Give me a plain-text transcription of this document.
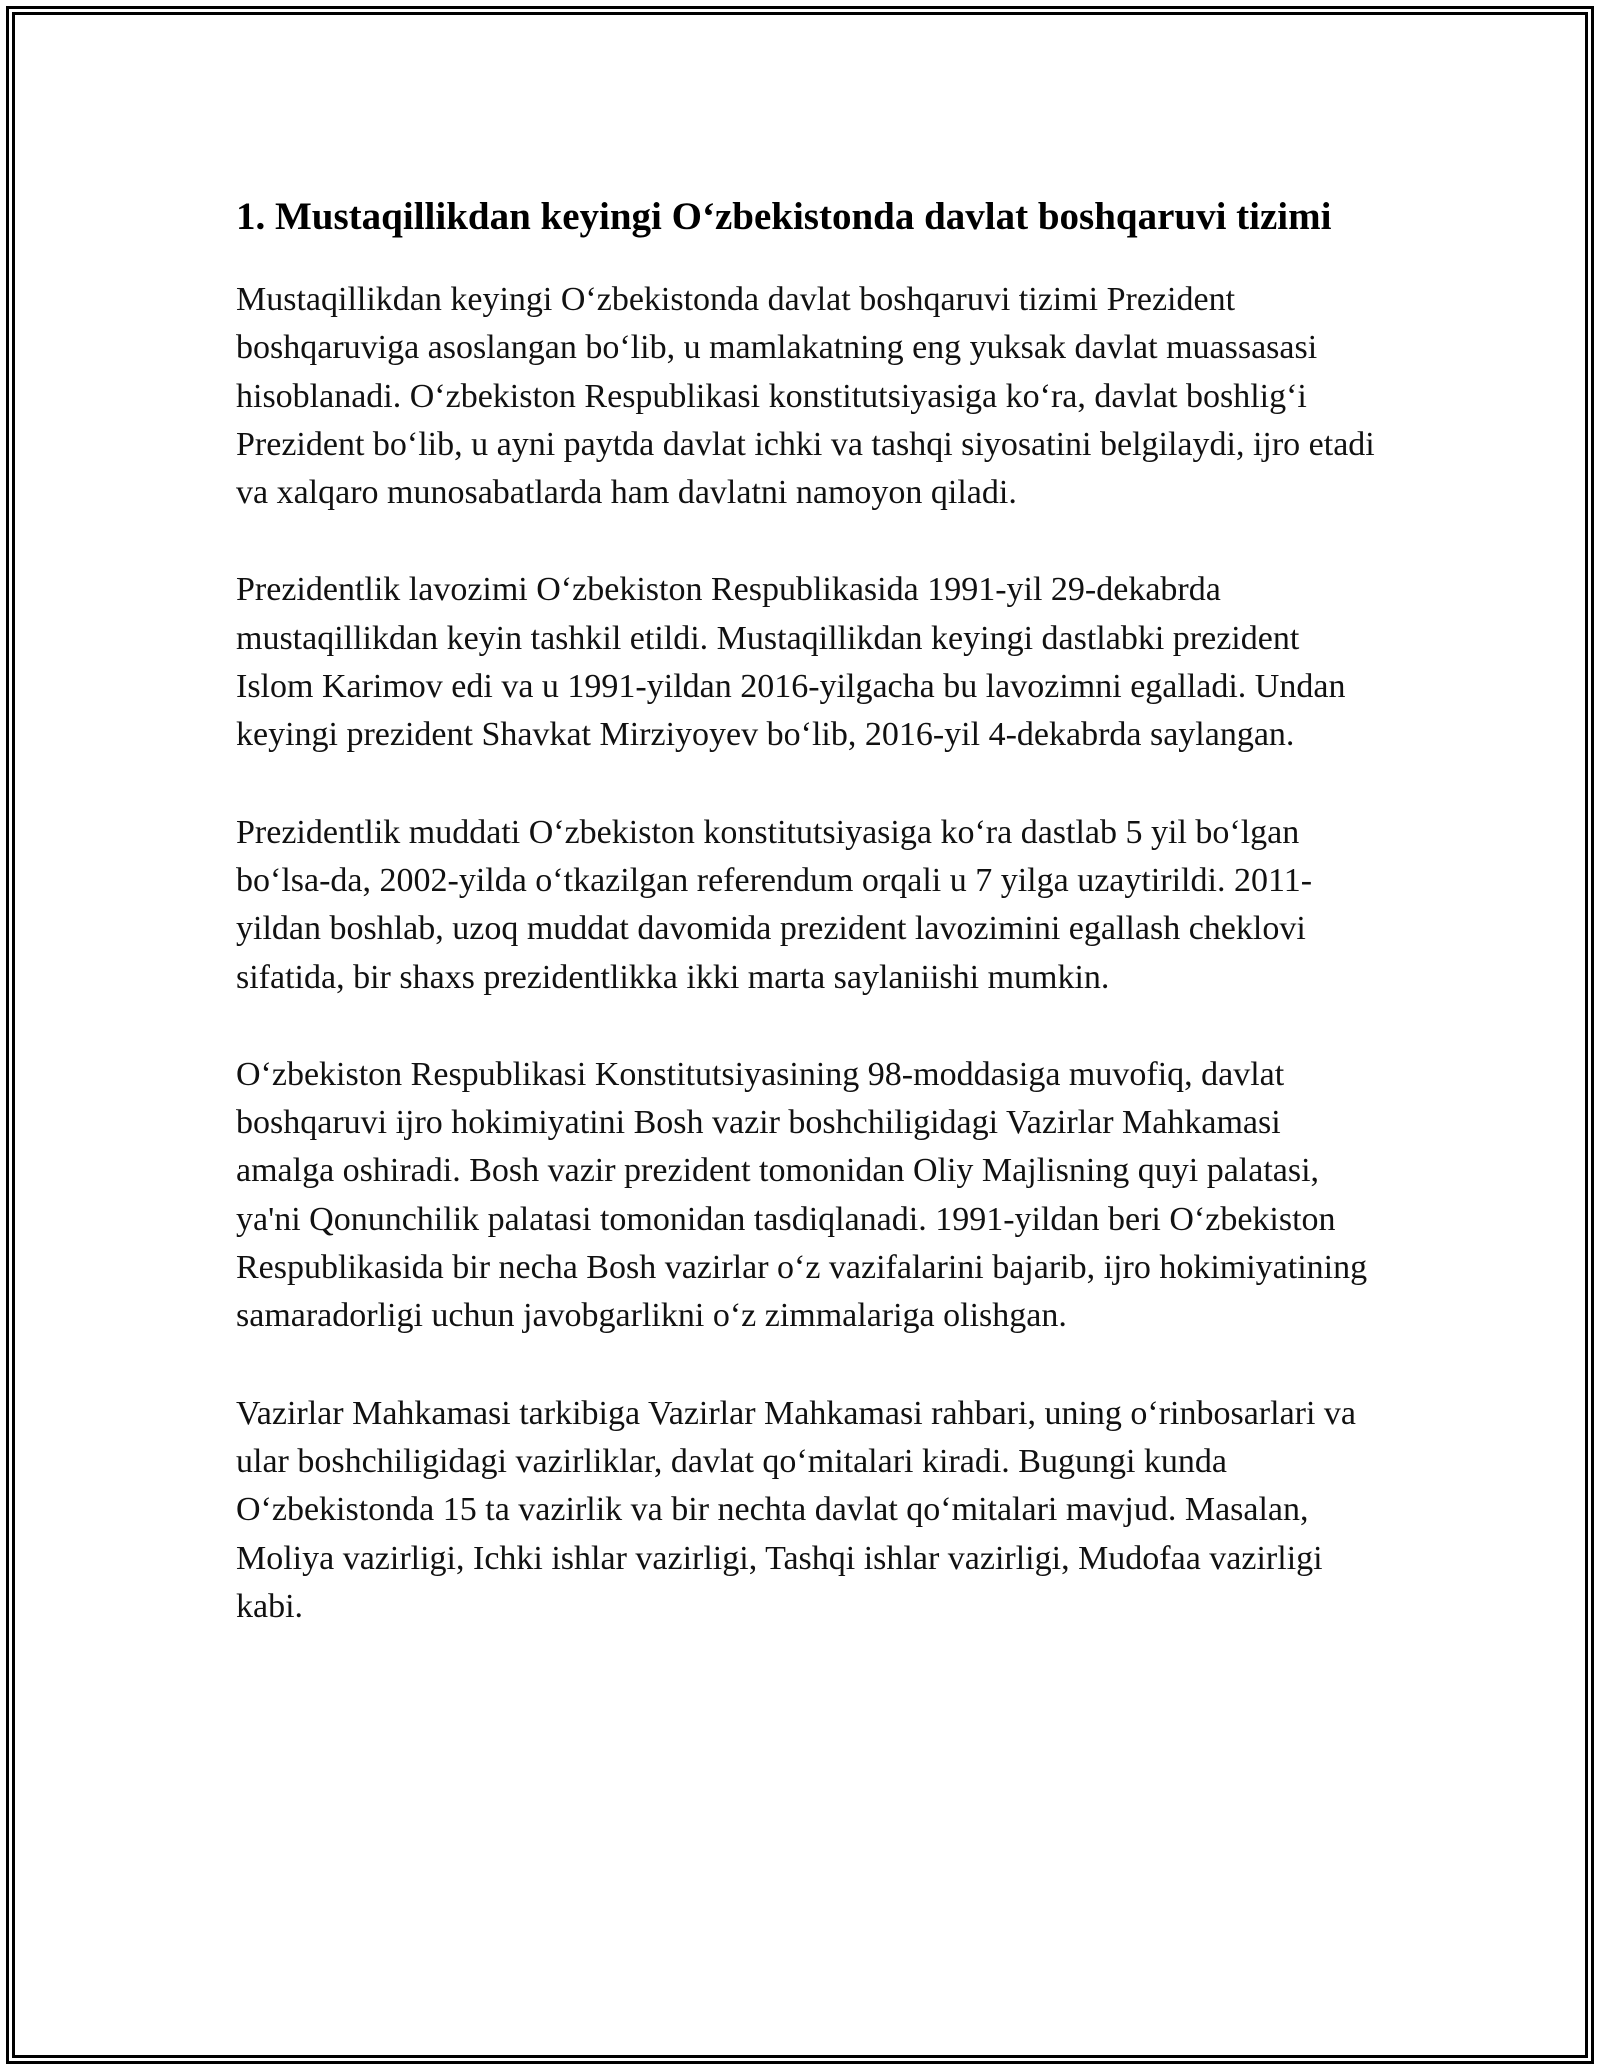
1. Mustaqillikdan keyingi O‘zbekistonda davlat boshqaruvi tizimi

Mustaqillikdan keyingi O‘zbekistonda davlat boshqaruvi tizimi Prezident boshqaruviga asoslangan bo‘lib, u mamlakatning eng yuksak davlat muassasasi hisoblanadi. O‘zbekiston Respublikasi konstitutsiyasiga ko‘ra, davlat boshlig‘i Prezident bo‘lib, u ayni paytda davlat ichki va tashqi siyosatini belgilaydi, ijro etadi va xalqaro munosabatlarda ham davlatni namoyon qiladi.

Prezidentlik lavozimi O‘zbekiston Respublikasida 1991-yil 29-dekabrda mustaqillikdan keyin tashkil etildi. Mustaqillikdan keyingi dastlabki prezident Islom Karimov edi va u 1991-yildan 2016-yilgacha bu lavozimni egalladi. Undan keyingi prezident Shavkat Mirziyoyev bo‘lib, 2016-yil 4-dekabrda saylangan.

Prezidentlik muddati O‘zbekiston konstitutsiyasiga ko‘ra dastlab 5 yil bo‘lgan bo‘lsa-da, 2002-yilda o‘tkazilgan referendum orqali u 7 yilga uzaytirildi. 2011-yildan boshlab, uzoq muddat davomida prezident lavozimini egallash cheklovi sifatida, bir shaxs prezidentlikka ikki marta saylaniishi mumkin.

O‘zbekiston Respublikasi Konstitutsiyasining 98-moddasiga muvofiq, davlat boshqaruvi ijro hokimiyatini Bosh vazir boshchiligidagi Vazirlar Mahkamasi amalga oshiradi. Bosh vazir prezident tomonidan Oliy Majlisning quyi palatasi, ya'ni Qonunchilik palatasi tomonidan tasdiqlanadi. 1991-yildan beri O‘zbekiston Respublikasida bir necha Bosh vazirlar o‘z vazifalarini bajarib, ijro hokimiyatining samaradorligi uchun javobgarlikni o‘z zimmalariga olishgan.

Vazirlar Mahkamasi tarkibiga Vazirlar Mahkamasi rahbari, uning o‘rinbosarlari va ular boshchiligidagi vazirliklar, davlat qo‘mitalari kiradi. Bugungi kunda O‘zbekistonda 15 ta vazirlik va bir nechta davlat qo‘mitalari mavjud. Masalan, Moliya vazirligi, Ichki ishlar vazirligi, Tashqi ishlar vazirligi, Mudofaa vazirligi kabi.
